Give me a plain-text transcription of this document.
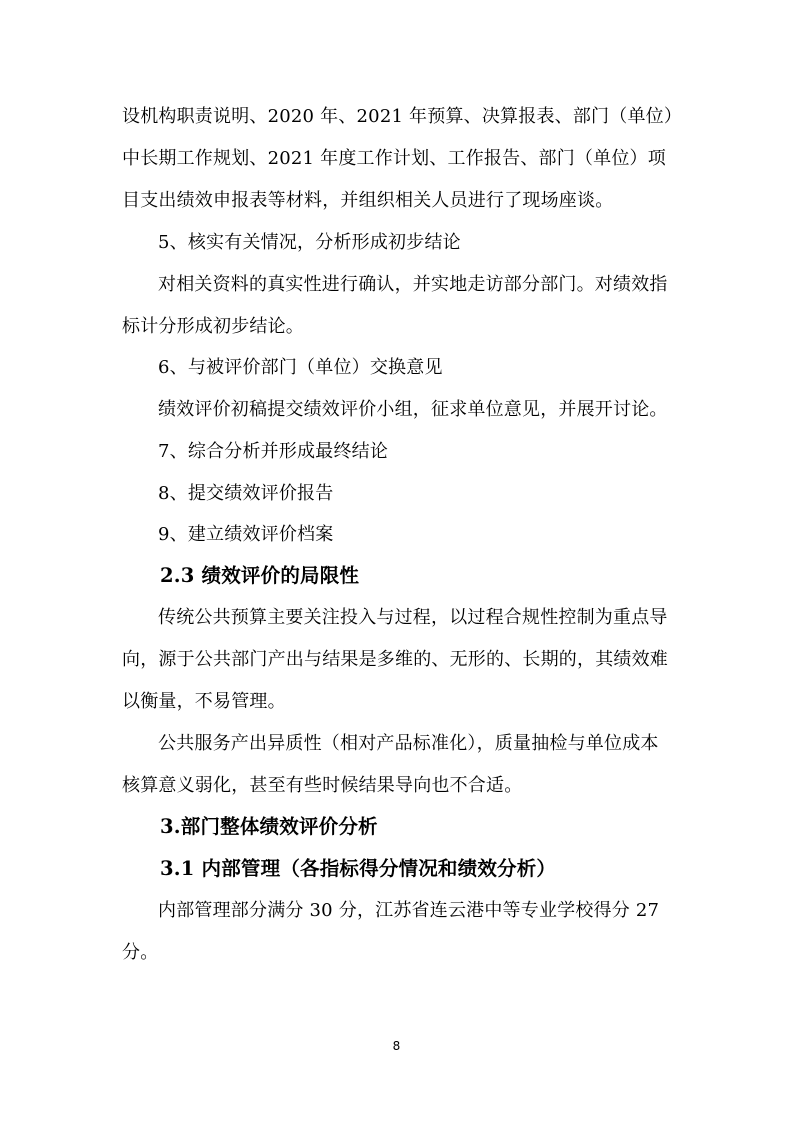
设机构职责说明、2020 年、2021 年预算、决算报表、部门（单位）
中长期工作规划、2021 年度工作计划、工作报告、部门（单位）项
目支出绩效申报表等材料，并组织相关人员进行了现场座谈。
5、核实有关情况，分析形成初步结论
对相关资料的真实性进行确认，并实地走访部分部门。对绩效指
标计分形成初步结论。
6、与被评价部门（单位）交换意见
绩效评价初稿提交绩效评价小组，征求单位意见，并展开讨论。
7、综合分析并形成最终结论
8、提交绩效评价报告
9、建立绩效评价档案
2.3 绩效评价的局限性
传统公共预算主要关注投入与过程，以过程合规性控制为重点导
向，源于公共部门产出与结果是多维的、无形的、长期的，其绩效难
以衡量，不易管理。
公共服务产出异质性（相对产品标准化），质量抽检与单位成本
核算意义弱化，甚至有些时候结果导向也不合适。
3.部门整体绩效评价分析
3.1 内部管理（各指标得分情况和绩效分析）
内部管理部分满分 30 分，江苏省连云港中等专业学校得分 27
分。
8
